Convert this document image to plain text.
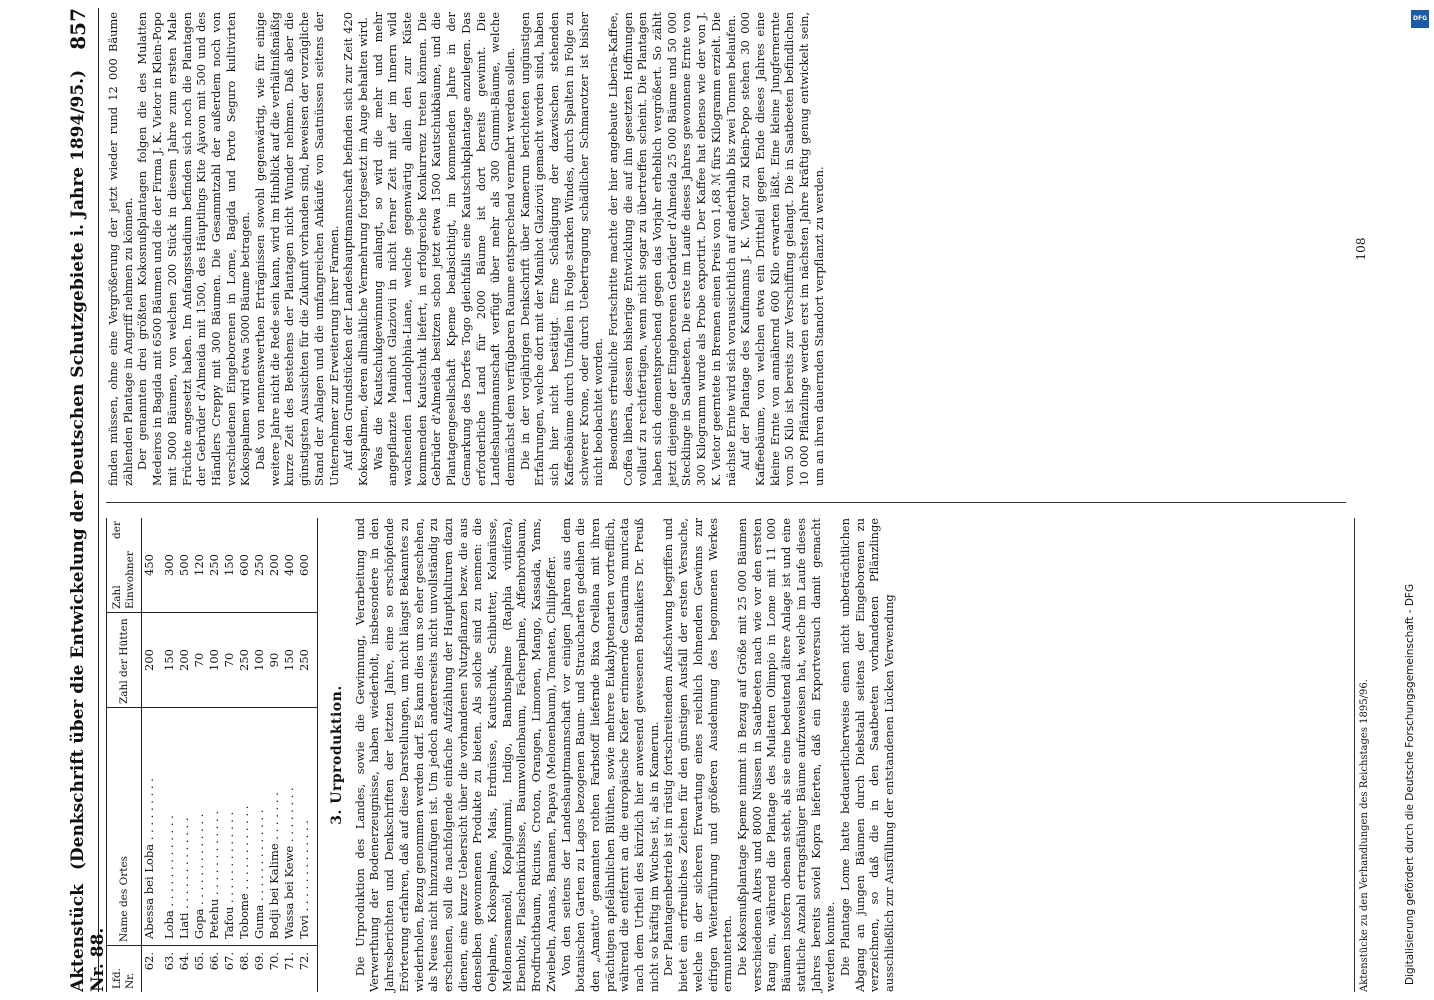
Aktenstück Nr. 88.
(Denkschrift über die Entwickelung der Deutschen Schutzgebiete i. Jahre 1894/95.)
857
Lfd. Nr.	Name des Ortes	Zahl der Hütten	Zahl der Einwohner
62.	Abessa bei Loba . . . . . . . . .	200	450
63.	Loba . . . . . . . . . . . . .	150	300
64.	Liati . . . . . . . . . . . . .	200	500
65.	Gopa . . . . . . . . . . . . .	70	120
66.	Petehu . . . . . . . . . . . .	100	250
67.	Tafou . . . . . . . . . . . . .	70	150
68.	Tobome . . . . . . . . . . . .	250	600
69.	Guma . . . . . . . . . . . . .	100	250
70.	Bodji bei Kalime . . . . . . .	90	200
71.	Wassa bei Kewe . . . . . . . .	150	400
72.	Tovi . . . . . . . . . . . . .	250	600
3. Urproduktion. Die Urproduktion des Landes, sowie die Gewinnung, Verarbeitung und Verwerthung der Bodenerzeugnisse, haben wiederholt, insbesondere in den Jahresberichten und Denkschriften der letzten Jahre, eine so erschöpfende Erörterung erfahren, daß auf diese Darstellungen, um nicht längst Bekanntes zu wiederholen, Bezug genommen werden darf. Es kann dies um so eher geschehen, als Neues nicht hinzuzufügen ist. Um jedoch andererseits nicht unvollständig zu erscheinen, soll die nachfolgende einfache Aufzählung der Hauptkulturen dazu dienen, eine kurze Uebersicht über die vorhandenen Nutzpflanzen bezw. die aus denselben gewonnenen Produkte zu bieten. Als solche sind zu nennen: die Oelpalme, Kokospalme, Mais, Erdnüsse, Kautschuk, Schibutter, Kolanüsse, Melonensamenöl, Kopalgummi, Indigo, Bambuspalme (Raphia vinifera), Ebenholz, Flaschenkürbisse, Baumwollenbaum, Fächerpalme, Affenbrotbaum, Brodfruchtbaum, Ricinus, Croton, Orangen, Limonen, Mango, Kassada, Yams, Zwiebeln, Ananas, Bananen, Papaya (Melonenbaum), Tomaten, Chilipfeffer. Von den seitens der Landeshauptmannschaft vor einigen Jahren aus dem botanischen Garten zu Lagos bezogenen Baum- und Straucharten gedeihen die den „Amatto“ genannten rothen Farbstoff liefernde Bixa Orellana mit ihren prächtigen apfelähnlichen Blüthen, sowie mehrere Eukalyptenarten vortrefflich, während die entfernt an die europäische Kiefer erinnernde Casuarina muricata nach dem Urtheil des kürzlich hier anwesend gewesenen Botanikers Dr. Preuß nicht so kräftig im Wuchse ist, als in Kamerun. Der Plantagenbetrieb ist in rüstig fortschreitendem Aufschwung begriffen und bietet ein erfreuliches Zeichen für den günstigen Ausfall der ersten Versuche, welche in der sicheren Erwartung eines reichlich lohnenden Gewinns zur eifrigen Weiterführung und größeren Ausdehnung des begonnenen Werkes ermunterten. Die Kokosnußplantage Kpeme nimmt in Bezug auf Größe mit 25 000 Bäumen verschiedenen Alters und 8000 Nüssen in Saatbeeten nach wie vor den ersten Rang ein, während die Plantage des Mulatten Olimpio in Lome mit 11 000 Bäumen insofern obenan steht, als sie eine bedeutend ältere Anlage ist und eine stattliche Anzahl ertragsfähiger Bäume aufzuweisen hat, welche im Laufe dieses Jahres bereits soviel Kopra lieferten, daß ein Exportversuch damit gemacht werden konnte. Die Plantage Lome hatte bedauerlicherweise einen nicht unbeträchtlichen Abgang an jungen Bäumen durch Diebstahl seitens der Eingeborenen zu verzeichnen, so daß die in den Saatbeeten vorhandenen Pflänzlinge ausschließlich zur Ausfüllung der entstandenen Lücken Verwendung

finden müssen, ohne eine Vergrößerung der jetzt wieder rund 12 000 Bäume zählenden Plantage in Angriff nehmen zu können. Der genannten drei größten Kokosnußplantagen folgen die des Mulatten Medeiros in Bagida mit 6500 Bäumen und die der Firma J. K. Vietor in Klein-Popo mit 5000 Bäumen, von welchen 200 Stück in diesem Jahre zum ersten Male Früchte angesetzt haben. Im Anfangsstadium befinden sich noch die Plantagen der Gebrüder d'Almeida mit 1500, des Häuptlings Kite Ajavon mit 500 und des Händlers Creppy mit 300 Bäumen. Die Gesammtzahl der außerdem noch von verschiedenen Eingeborenen in Lome, Bagida und Porto Seguro kultivirten Kokospalmen wird etwa 5000 Bäume betragen. Daß von nennenswerthen Erträgnissen sowohl gegenwärtig, wie für einige weitere Jahre nicht die Rede sein kann, wird im Hinblick auf die verhältnißmäßig kurze Zeit des Bestehens der Plantagen nicht Wunder nehmen. Daß aber die günstigsten Aussichten für die Zukunft vorhanden sind, beweisen der vorzügliche Stand der Anlagen und die umfangreichen Ankäufe von Saatnüssen seitens der Unternehmer zur Erweiterung ihrer Farmen. Auf den Grundstücken der Landeshauptmannschaft befinden sich zur Zeit 420 Kokospalmen, deren allmähliche Vermehrung fortgesetzt im Auge behalten wird. Was die Kautschukgewinnung anlangt, so wird die mehr und mehr angepflanzte Manihot Glaziovii in nicht ferner Zeit mit der im Innern wild wachsenden Landolphia-Liane, welche gegenwärtig allein den zur Küste kommenden Kautschuk liefert, in erfolgreiche Konkurrenz treten können. Die Gebrüder d'Almeida besitzen schon jetzt etwa 1500 Kautschukbäume, und die Plantagengesellschaft Kpeme beabsichtigt, im kommenden Jahre in der Gemarkung des Dorfes Togo gleichfalls eine Kautschukplantage anzulegen. Das erforderliche Land für 2000 Bäume ist dort bereits gewinnt. Die Landeshauptmannschaft verfügt über mehr als 300 Gummi-Bäume, welche demnächst dem verfügbaren Raume entsprechend vermehrt werden sollen. Die in der vorjährigen Denkschrift über Kamerun berichteten ungünstigen Erfahrungen, welche dort mit der Manihot Glaziovii gemacht worden sind, haben sich hier nicht bestätigt. Eine Schädigung der dazwischen stehenden Kaffeebäume durch Umfallen in Folge starken Windes, durch Spalten in Folge zu schwerer Krone, oder durch Uebertragung schädlicher Schmarotzer ist bisher nicht beobachtet worden. Besonders erfreuliche Fortschritte machte der hier angebaute Liberia-Kaffee, Coffea liberia, dessen bisherige Entwicklung die auf ihn gesetzten Hoffnungen vollauf zu rechtfertigen, wenn nicht sogar zu übertreffen scheint. Die Plantagen haben sich dementsprechend gegen das Vorjahr erheblich vergrößert. So zählt jetzt diejenige der Eingeborenen Gebrüder d'Almeida 25 000 Bäume und 50 000 Stecklinge in Saatbeeten. Die erste im Laufe dieses Jahres gewonnene Ernte von 300 Kilogramm wurde als Probe exportirt. Der Kaffee hat ebenso wie der von J. K. Vietor geerntete in Bremen einen Preis von 1,68 ℳ fürs Kilogramm erzielt. Die nächste Ernte wird sich voraussichtlich auf anderthalb bis zwei Tonnen belaufen. Auf der Plantage des Kaufmanns J. K. Vietor zu Klein-Popo stehen 30 000 Kaffeebäume, von welchen etwa ein Drittheil gegen Ende dieses Jahres eine kleine Ernte von annähernd 600 Kilo erwarten läßt. Eine kleine Jungfernernte von 50 Kilo ist bereits zur Verschiffung gelangt. Die in Saatbeeten befindlichen 10 000 Pflänzlinge werden erst im nächsten Jahre kräftig genug entwickelt sein, um an ihren dauernden Standort verpflanzt zu werden.

Aktenstücke zu den Verhandlungen des Reichstages 1895/96.
108
Digitalisierung gefördert durch die Deutsche Forschungsgemeinschaft - DFG
DFG
